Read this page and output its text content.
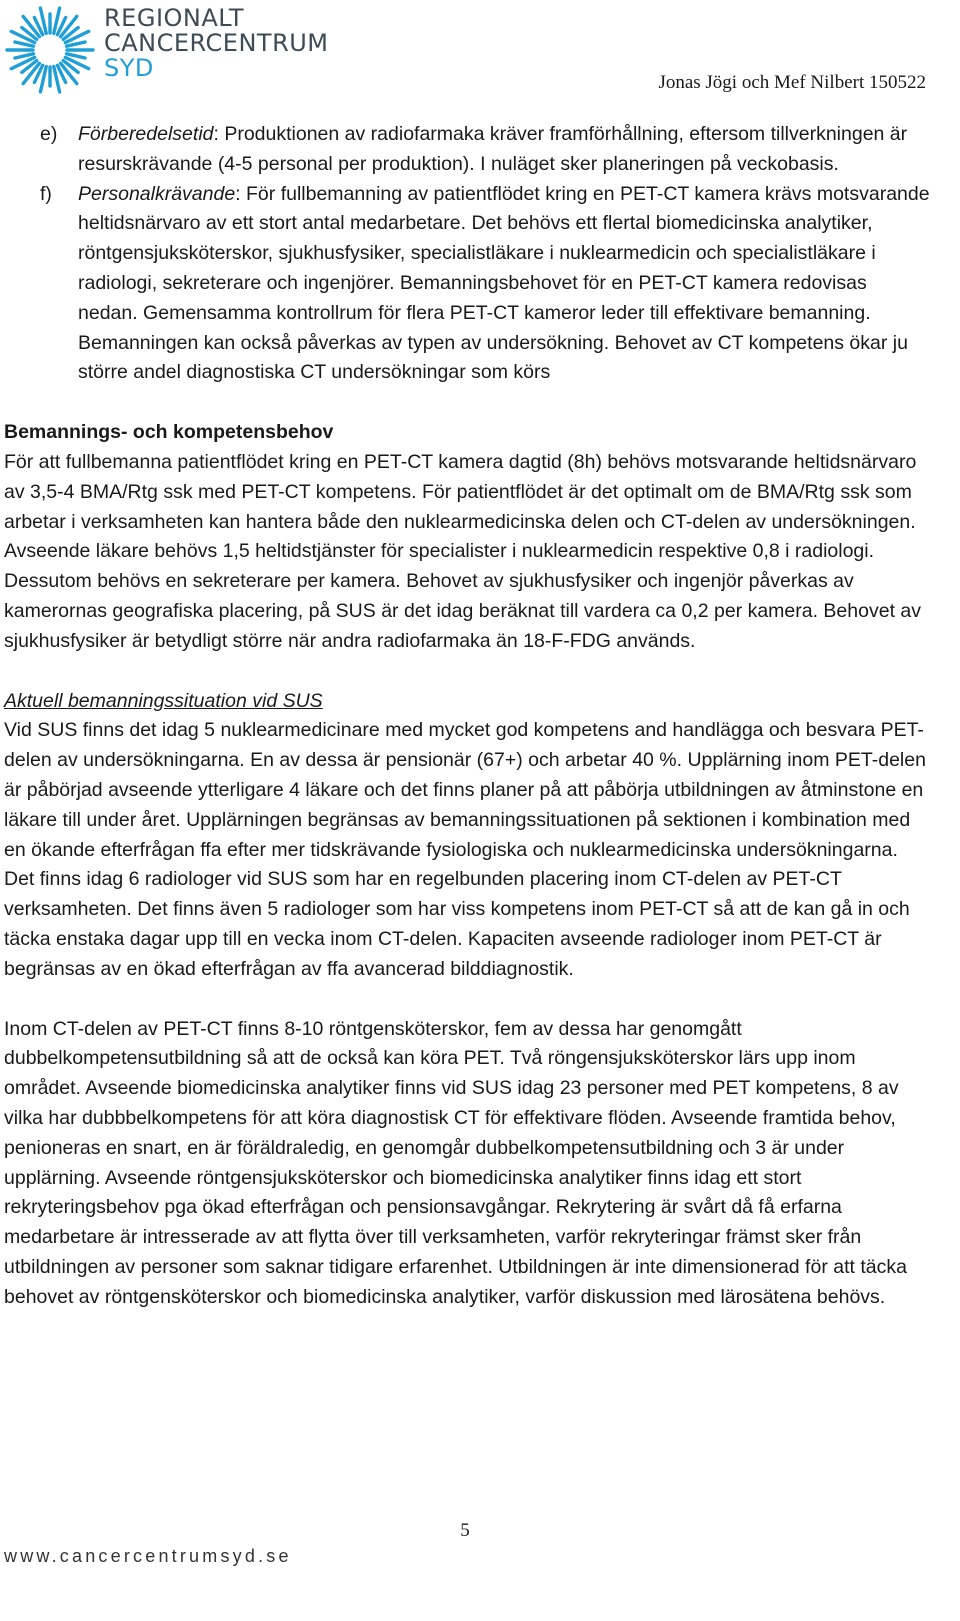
REGIONALT
CANCERCENTRUM
SYD
Jonas Jögi och Mef Nilbert 150522
e) Förberedelsetid: Produktionen av radiofarmaka kräver framförhållning, eftersom tillverkningen är resurskrävande (4-5 personal per produktion). I nuläget sker planeringen på veckobasis.
f) Personalkrävande: För fullbemanning av patientflödet kring en PET-CT kamera krävs motsvarande heltidsnärvaro av ett stort antal medarbetare. Det behövs ett flertal biomedicinska analytiker, röntgensjuksköterskor, sjukhusfysiker, specialistläkare i nuklearmedicin och specialistläkare i radiologi, sekreterare och ingenjörer. Bemanningsbehovet för en PET-CT kamera redovisas nedan. Gemensamma kontrollrum för flera PET-CT kameror leder till effektivare bemanning. Bemanningen kan också påverkas av typen av undersökning. Behovet av CT kompetens ökar ju större andel diagnostiska CT undersökningar som körs
Bemannings- och kompetensbehov

För att fullbemanna patientflödet kring en PET-CT kamera dagtid (8h) behövs motsvarande heltidsnärvaro av 3,5-4 BMA/Rtg ssk med PET-CT kompetens. För patientflödet är det optimalt om de BMA/Rtg ssk som arbetar i verksamheten kan hantera både den nuklearmedicinska delen och CT-delen av undersökningen. Avseende läkare behövs 1,5 heltidstjänster för specialister i nuklearmedicin respektive 0,8 i radiologi. Dessutom behövs en sekreterare per kamera. Behovet av sjukhusfysiker och ingenjör påverkas av kamerornas geografiska placering, på SUS är det idag beräknat till vardera ca 0,2 per kamera. Behovet av sjukhusfysiker är betydligt större när andra radiofarmaka än 18-F-FDG används.

Aktuell bemanningssituation vid SUS

Vid SUS finns det idag 5 nuklearmedicinare med mycket god kompetens and handlägga och besvara PET-delen av undersökningarna. En av dessa är pensionär (67+) och arbetar 40 %. Upplärning inom PET-delen är påbörjad avseende ytterligare 4 läkare och det finns planer på att påbörja utbildningen av åtminstone en läkare till under året. Upplärningen begränsas av bemanningssituationen på sektionen i kombination med en ökande efterfrågan ffa efter mer tidskrävande fysiologiska och nuklearmedicinska undersökningarna. Det finns idag 6 radiologer vid SUS som har en regelbunden placering inom CT-delen av PET-CT verksamheten. Det finns även 5 radiologer som har viss kompetens inom PET-CT så att de kan gå in och täcka enstaka dagar upp till en vecka inom CT-delen. Kapaciten avseende radiologer inom PET-CT är begränsas av en ökad efterfrågan av ffa avancerad bilddiagnostik.

Inom CT-delen av PET-CT finns 8-10 röntgensköterskor, fem av dessa har genomgått dubbelkompetensutbildning så att de också kan köra PET. Två röngensjuksköterskor lärs upp inom området. Avseende biomedicinska analytiker finns vid SUS idag 23 personer med PET kompetens, 8 av vilka har dubbbelkompetens för att köra diagnostisk CT för effektivare flöden. Avseende framtida behov, penioneras en snart, en är föräldraledig, en genomgår dubbelkompetensutbildning och 3 är under upplärning. Avseende röntgensjuksköterskor och biomedicinska analytiker finns idag ett stort rekryteringsbehov pga ökad efterfrågan och pensionsavgångar. Rekrytering är svårt då få erfarna medarbetare är intresserade av att flytta över till verksamheten, varför rekryteringar främst sker från utbildningen av personer som saknar tidigare erfarenhet. Utbildningen är inte dimensionerad för att täcka behovet av röntgensköterskor och biomedicinska analytiker, varför diskussion med lärosätena behövs.

5
www.cancercentrumsyd.se
